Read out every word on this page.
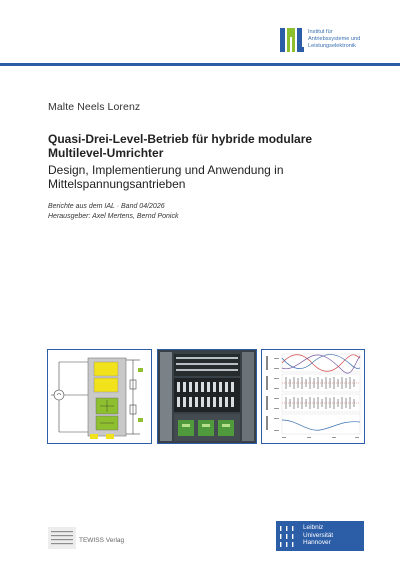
Institut für
Antriebssysteme und
Leistungselektronik
Malte Neels Lorenz
Quasi-Drei-Level-Betrieb für hybride modulare
Multilevel-Umrichter
Design, Implementierung und Anwendung in
Mittelspannungsantrieben
Berichte aus dem IAL · Band 04/2026
Herausgeber: Axel Mertens, Bernd Ponick
TEWISS Verlag
Leibniz
Universität
Hannover
